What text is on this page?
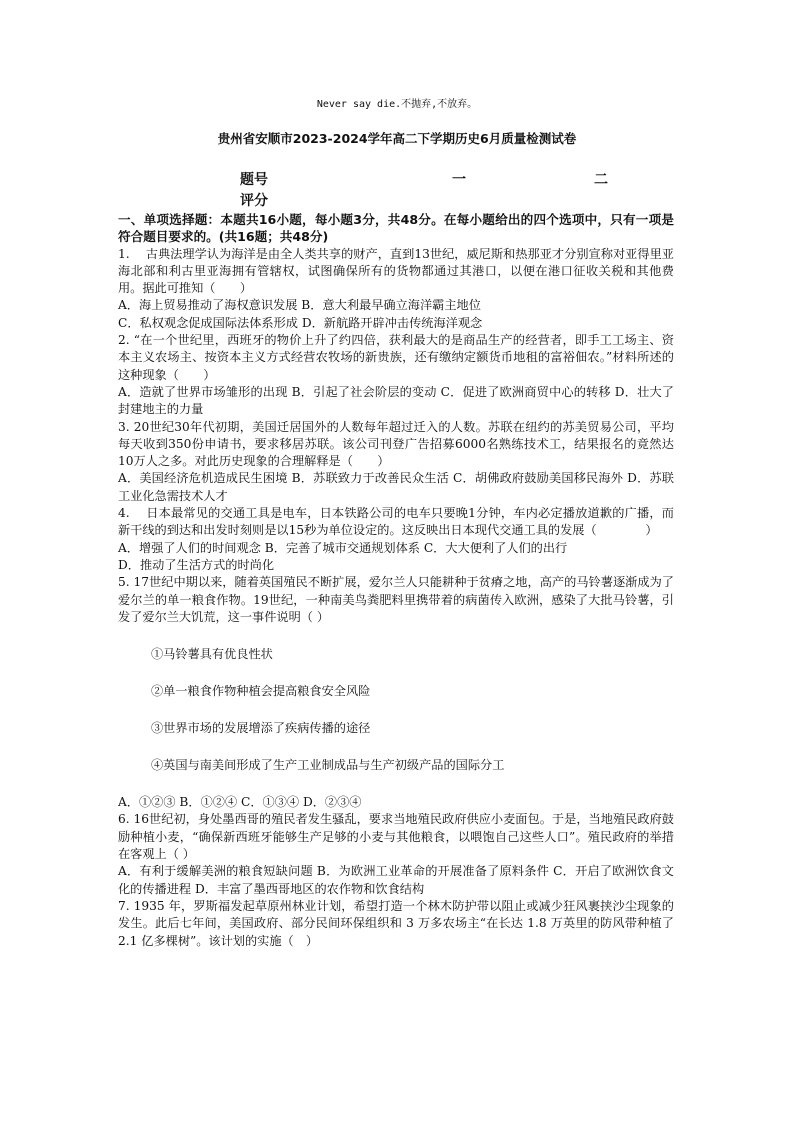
Never say die.不抛弃,不放弃。
贵州省安顺市2023-2024学年高二下学期历史6月质量检测试卷
题号	一	二
评分

一、单项选择题：本题共16小题，每小题3分，共48分。在每小题给出的四个选项中，只有一项是符合题目要求的。(共16题；共48分)

1.　 古典法理学认为海洋是由全人类共享的财产，直到13世纪，威尼斯和热那亚才分别宣称对亚得里亚海北部和利古里亚海拥有管辖权，试图确保所有的货物都通过其港口，以便在港口征收关税和其他费用。据此可推知（　　）

A．海上贸易推动了海权意识发展 B．意大利最早确立海洋霸主地位

C．私权观念促成国际法体系形成 D．新航路开辟冲击传统海洋观念

2. “在一个世纪里，西班牙的物价上升了约四倍，获利最大的是商品生产的经营者，即手工工场主、资本主义农场主、按资本主义方式经营农牧场的新贵族，还有缴纳定额货币地租的富裕佃农。”材料所述的这种现象（　　）

A．造就了世界市场雏形的出现 B．引起了社会阶层的变动 C．促进了欧洲商贸中心的转移 D．壮大了封建地主的力量

3. 20世纪30年代初期，美国迁居国外的人数每年超过迁入的人数。苏联在纽约的苏美贸易公司，平均每天收到350份申请书，要求移居苏联。该公司刊登广告招募6000名熟练技术工，结果报名的竟然达10万人之多。对此历史现象的合理解释是（　　）

A．美国经济危机造成民生困境 B．苏联致力于改善民众生活 C．胡佛政府鼓励美国移民海外 D．苏联工业化急需技术人才

4.　 日本最常见的交通工具是电车，日本铁路公司的电车只要晚1分钟，车内必定播放道歉的广播，而新干线的到达和出发时刻则是以15秒为单位设定的。这反映出日本现代交通工具的发展（　　　　）

A．增强了人们的时间观念 B．完善了城市交通规划体系 C．大大便利了人们的出行

D．推动了生活方式的时尚化

5. 17世纪中期以来，随着英国殖民不断扩展，爱尔兰人只能耕种于贫瘠之地，高产的马铃薯逐渐成为了爱尔兰的单一粮食作物。19世纪，一种南美鸟粪肥料里携带着的病菌传入欧洲，感染了大批马铃薯，引发了爱尔兰大饥荒，这一事件说明（ ）

①马铃薯具有优良性状

②单一粮食作物种植会提高粮食安全风险

③世界市场的发展增添了疾病传播的途径

④英国与南美间形成了生产工业制成品与生产初级产品的国际分工

A．①②③ B．①②④ C．①③④ D．②③④

6. 16世纪初，身处墨西哥的殖民者发生骚乱，要求当地殖民政府供应小麦面包。于是，当地殖民政府鼓励种植小麦，“确保新西班牙能够生产足够的小麦与其他粮食，以喂饱自己这些人口”。殖民政府的举措在客观上（ ）

A．有利于缓解美洲的粮食短缺问题 B．为欧洲工业革命的开展准备了原料条件 C．开启了欧洲饮食文化的传播进程 D．丰富了墨西哥地区的农作物和饮食结构

7. 1935 年，罗斯福发起草原州林业计划，希望打造一个林木防护带以阻止或减少狂风裹挟沙尘现象的发生。此后七年间，美国政府、部分民间环保组织和 3 万多农场主“在长达 1.8 万英里的防风带种植了 2.1 亿多棵树”。该计划的实施（　）
